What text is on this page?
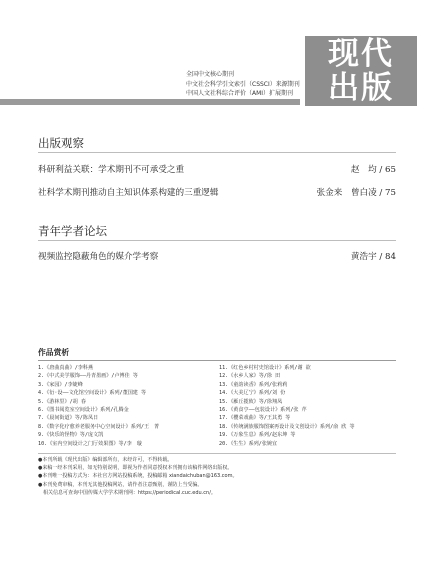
现代
出版
全国中文核心期刊
中文社会科学引文索引（CSSCI）来源期刊
中国人文社科综合评价（AMI）扩展期刊
出版观察
科研利益关联：学术期刊不可承受之重	赵　均 / 65
社科学术期刊推动自主知识体系构建的三重逻辑	张金来　曾白凌 / 75
青年学者论坛
视频监控隐蔽角色的媒介学考察	黄浩宇 / 84
作品赏析
1.《唐曲真曲》/李科燕
2.《中式美学服饰——丹青墨画》/卢博佳 等
3.《家园》/李婕峰
4.《衍·设——文化馆空间设计》系列/董国建 等
5.《游林里》/胡 春
6.《图书阅览室空间设计》系列/孔腾金
7.《晨间街道》等/陈凤日
8.《数字化疗愈养老服务中心空间设计》系列/王　菁
9.《快乐的怪物》等/庞文凯
10.《室内空间设计之门厅效果图》等/李　璇
11.《红色乡村村史馆设计》系列/谢 欲
12.《水乡人家》等/徐 田
13.《童韵读香》系列/张莉莉
14.《大美辽宁》系列/刘 份
15.《雁丘揽攸》等/徐翔凤
16.《黄食亨——包装设计》系列/张 芹
17.《樱菜戏曲》等/王其勇 等
18.《传统满族服饰图案再设计及文创设计》系列/俞 欣 等
19.《万象生息》系列/赵东坤 等
20.《生生》系列/张婉宜
●本刊所载《现代出版》编辑部所有，未经许可，不得转载。
●来稿一经本刊采用，如无特别说明，即视为作者同意授权本刊拥有该稿件网络出版权。
●本刊唯一投稿方式为：本社官方网站投稿系统，投稿邮箱 xiandaichuban@163.com。
●本刊免费审稿，本刊无其他投稿网站，请作者注意甄别，谨防上当受骗。
　相关信息可查询中国传媒大学学术期刊网：https://periodical.cuc.edu.cn/。
